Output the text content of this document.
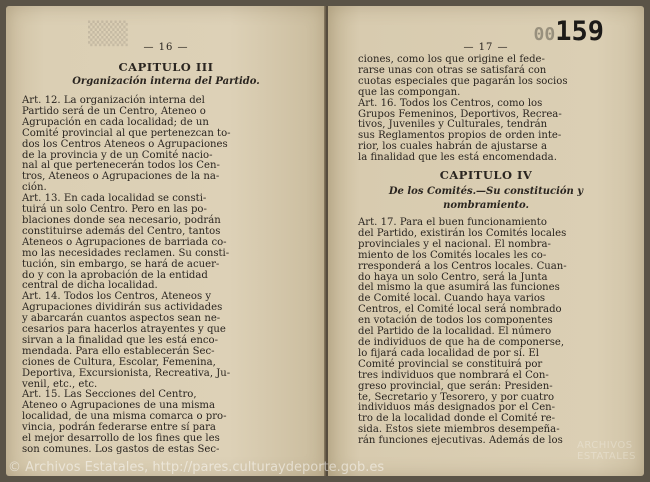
▒▒▒
— 16 —
CAPITULO III
Organización interna del Partido.
Art. 12. La organización interna del
Partido será de un Centro, Ateneo o
Agrupación en cada localidad; de un
Comité provincial al que pertenezcan to-
dos los Centros Ateneos o Agrupaciones
de la provincia y de un Comité nacio-
nal al que pertenecerán todos los Cen-
tros, Ateneos o Agrupaciones de la na-
ción.
Art. 13. En cada localidad se consti-
tuirá un solo Centro. Pero en las po-
blaciones donde sea necesario, podrán
constituirse además del Centro, tantos
Ateneos o Agrupaciones de barriada co-
mo las necesidades reclamen. Su consti-
tución, sin embargo, se hará de acuer-
do y con la aprobación de la entidad
central de dicha localidad.
Art. 14. Todos los Centros, Ateneos y
Agrupaciones dividirán sus actividades
y abarcarán cuantos aspectos sean ne-
cesarios para hacerlos atrayentes y que
sirvan a la finalidad que les está enco-
mendada. Para ello establecerán Sec-
ciones de Cultura, Escolar, Femenina,
Deportiva, Excursionista, Recreativa, Ju-
venil, etc., etc.
Art. 15. Las Secciones del Centro,
Ateneo o Agrupaciones de una misma
localidad, de una misma comarca o pro-
vincia, podrán federarse entre sí para
el mejor desarrollo de los fines que les
son comunes. Los gastos de estas Sec-
00159
— 17 —
ciones, como los que origine el fede-
rarse unas con otras se satisfará con
cuotas especiales que pagarán los socios
que las compongan.
Art. 16. Todos los Centros, como los
Grupos Femeninos, Deportivos, Recrea-
tivos, Juveniles y Culturales, tendrán
sus Reglamentos propios de orden inte-
rior, los cuales habrán de ajustarse a
la finalidad que les está encomendada.
CAPITULO IV
De los Comités.—Su constitución y
nombramiento.
Art. 17. Para el buen funcionamiento
del Partido, existirán los Comités locales
provinciales y el nacional. El nombra-
miento de los Comités locales les co-
rresponderá a los Centros locales. Cuan-
do haya un solo Centro, será la Junta
del mismo la que asumirá las funciones
de Comité local. Cuando haya varios
Centros, el Comité local será nombrado
en votación de todos los componentes
del Partido de la localidad. El número
de individuos de que ha de componerse,
lo fijará cada localidad de por sí. El
Comité provincial se constituirá por
tres individuos que nombrará el Con-
greso provincial, que serán: Presiden-
te, Secretario y Tesorero, y por cuatro
individuos más designados por el Cen-
tro de la localidad donde el Comité re-
sida. Estos siete miembros desempeña-
rán funciones ejecutivas. Además de los
© Archivos Estatales, http://pares.culturaydeporte.gob.es
ARCHIVOS
ESTATALES
